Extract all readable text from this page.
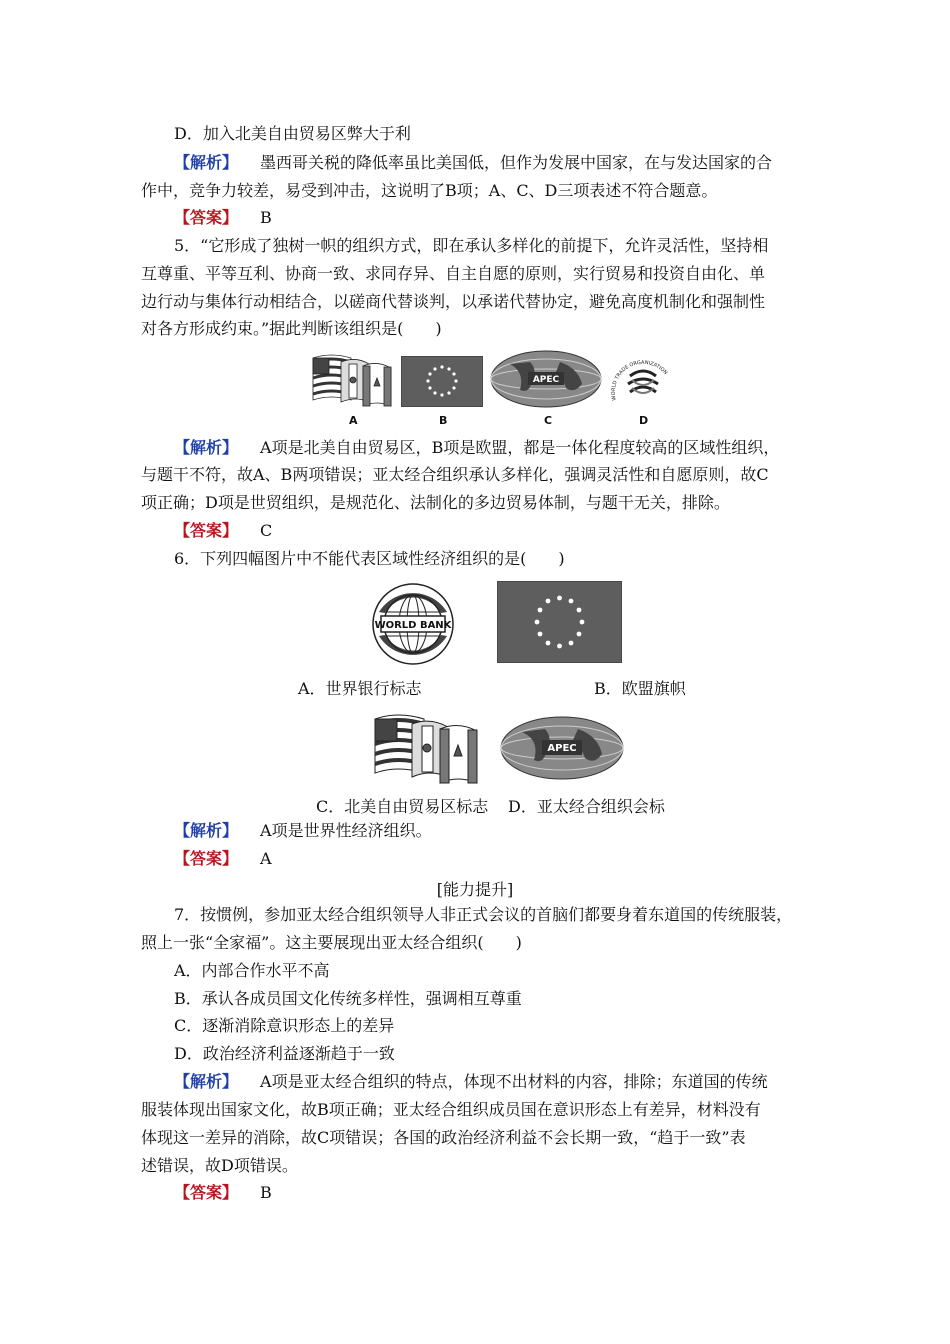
D．加入北美自由贸易区弊大于利
【解析】 墨西哥关税的降低率虽比美国低，但作为发展中国家，在与发达国家的合
作中，竞争力较差，易受到冲击，这说明了B项；A、C、D三项表述不符合题意。
【答案】 B
5．“它形成了独树一帜的组织方式，即在承认多样化的前提下，允许灵活性，坚持相
互尊重、平等互利、协商一致、求同存异、自主自愿的原则，实行贸易和投资自由化、单
边行动与集体行动相结合，以磋商代替谈判，以承诺代替协定，避免高度机制化和强制性
对各方形成约束。”据此判断该组织是(　　)
A	B
APEC
C
WORLD TRADE ORGANIZATION
D
【解析】 A项是北美自由贸易区，B项是欧盟，都是一体化程度较高的区域性组织，
与题干不符，故A、B两项错误；亚太经合组织承认多样化，强调灵活性和自愿原则，故C
项正确；D项是世贸组织，是规范化、法制化的多边贸易体制，与题干无关，排除。
【答案】 C
6．下列四幅图片中不能代表区域性经济组织的是(　　)
WORLD BANK
A．世界银行标志	B．欧盟旗帜
APEC
C．北美自由贸易区标志 D．亚太经合组织会标
【解析】 A项是世界性经济组织。
【答案】 A
[能力提升]
7．按惯例，参加亚太经合组织领导人非正式会议的首脑们都要身着东道国的传统服装，
照上一张“全家福”。这主要展现出亚太经合组织(　　)
A．内部合作水平不高
B．承认各成员国文化传统多样性，强调相互尊重
C．逐渐消除意识形态上的差异
D．政治经济利益逐渐趋于一致
【解析】 A项是亚太经合组织的特点，体现不出材料的内容，排除；东道国的传统
服装体现出国家文化，故B项正确；亚太经合组织成员国在意识形态上有差异，材料没有
体现这一差异的消除，故C项错误；各国的政治经济利益不会长期一致，“趋于一致”表
述错误，故D项错误。
【答案】 B
